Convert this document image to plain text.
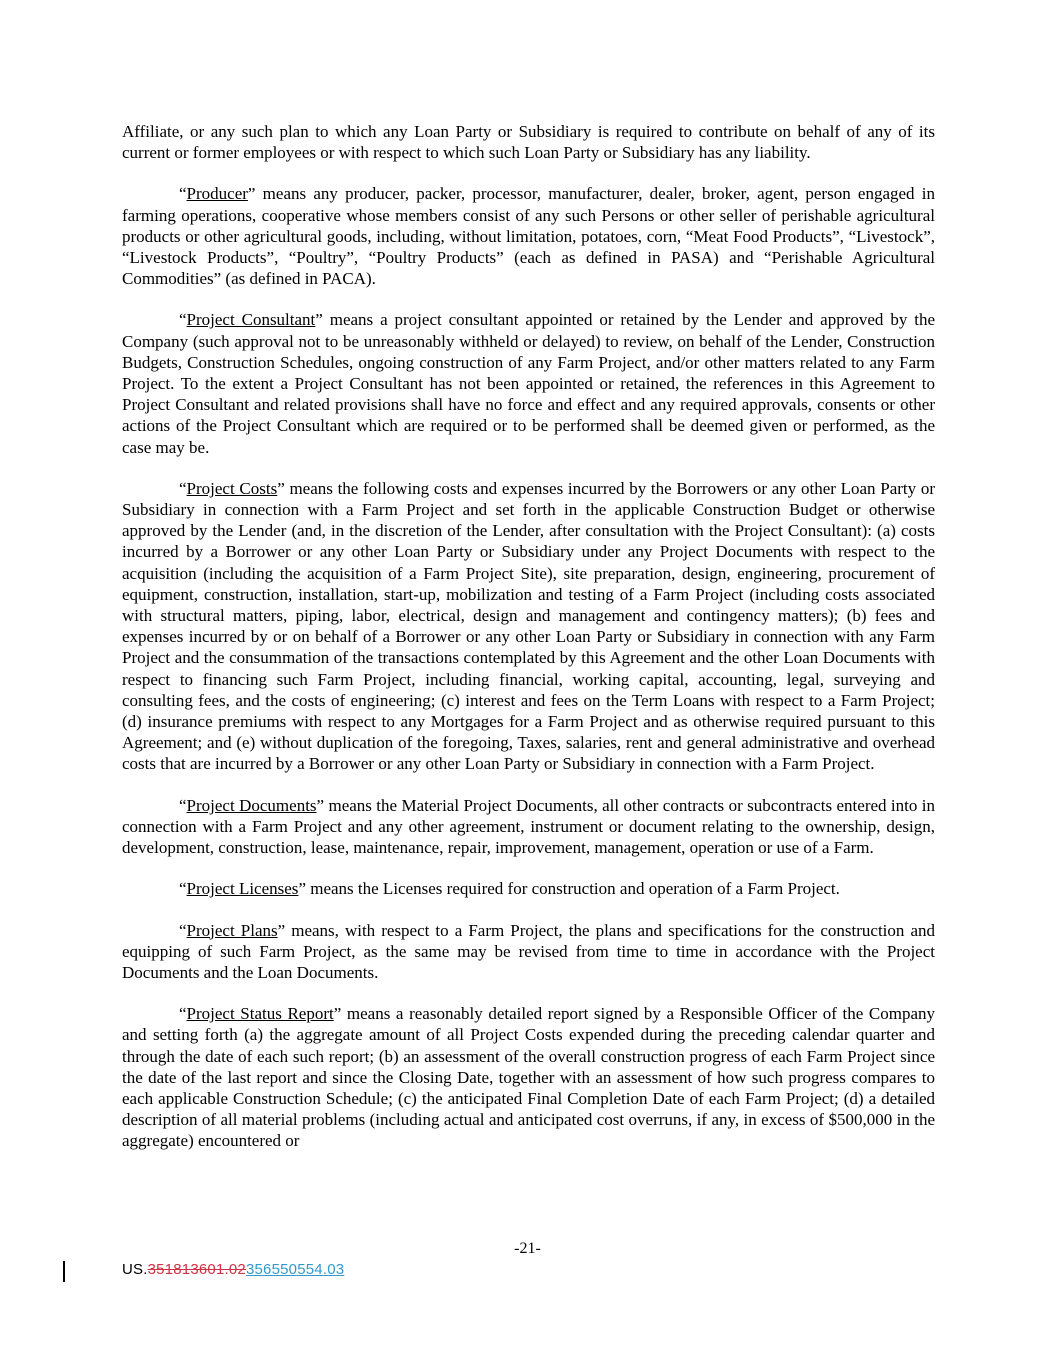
Affiliate, or any such plan to which any Loan Party or Subsidiary is required to contribute on behalf of any of its current or former employees or with respect to which such Loan Party or Subsidiary has any liability.

“Producer” means any producer, packer, processor, manufacturer, dealer, broker, agent, person engaged in farming operations, cooperative whose members consist of any such Persons or other seller of perishable agricultural products or other agricultural goods, including, without limitation, potatoes, corn, “Meat Food Products”, “Livestock”, “Livestock Products”, “Poultry”, “Poultry Products” (each as defined in PASA) and “Perishable Agricultural Commodities” (as defined in PACA).

“Project Consultant” means a project consultant appointed or retained by the Lender and approved by the Company (such approval not to be unreasonably withheld or delayed) to review, on behalf of the Lender, Construction Budgets, Construction Schedules, ongoing construction of any Farm Project, and/or other matters related to any Farm Project. To the extent a Project Consultant has not been appointed or retained, the references in this Agreement to Project Consultant and related provisions shall have no force and effect and any required approvals, consents or other actions of the Project Consultant which are required or to be performed shall be deemed given or performed, as the case may be.

“Project Costs” means the following costs and expenses incurred by the Borrowers or any other Loan Party or Subsidiary in connection with a Farm Project and set forth in the applicable Construction Budget or otherwise approved by the Lender (and, in the discretion of the Lender, after consultation with the Project Consultant): (a) costs incurred by a Borrower or any other Loan Party or Subsidiary under any Project Documents with respect to the acquisition (including the acquisition of a Farm Project Site), site preparation, design, engineering, procurement of equipment, construction, installation, start-up, mobilization and testing of a Farm Project (including costs associated with structural matters, piping, labor, electrical, design and management and contingency matters); (b) fees and expenses incurred by or on behalf of a Borrower or any other Loan Party or Subsidiary in connection with any Farm Project and the consummation of the transactions contemplated by this Agreement and the other Loan Documents with respect to financing such Farm Project, including financial, working capital, accounting, legal, surveying and consulting fees, and the costs of engineering; (c) interest and fees on the Term Loans with respect to a Farm Project; (d) insurance premiums with respect to any Mortgages for a Farm Project and as otherwise required pursuant to this Agreement; and (e) without duplication of the foregoing, Taxes, salaries, rent and general administrative and overhead costs that are incurred by a Borrower or any other Loan Party or Subsidiary in connection with a Farm Project.

“Project Documents” means the Material Project Documents, all other contracts or subcontracts entered into in connection with a Farm Project and any other agreement, instrument or document relating to the ownership, design, development, construction, lease, maintenance, repair, improvement, management, operation or use of a Farm.

“Project Licenses” means the Licenses required for construction and operation of a Farm Project.

“Project Plans” means, with respect to a Farm Project, the plans and specifications for the construction and equipping of such Farm Project, as the same may be revised from time to time in accordance with the Project Documents and the Loan Documents.

“Project Status Report” means a reasonably detailed report signed by a Responsible Officer of the Company and setting forth (a) the aggregate amount of all Project Costs expended during the preceding calendar quarter and through the date of each such report; (b) an assessment of the overall construction progress of each Farm Project since the date of the last report and since the Closing Date, together with an assessment of how such progress compares to each applicable Construction Schedule; (c) the anticipated Final Completion Date of each Farm Project; (d) a detailed description of all material problems (including actual and anticipated cost overruns, if any, in excess of $500,000 in the aggregate) encountered or

-21-
US.351813601.02356550554.03
